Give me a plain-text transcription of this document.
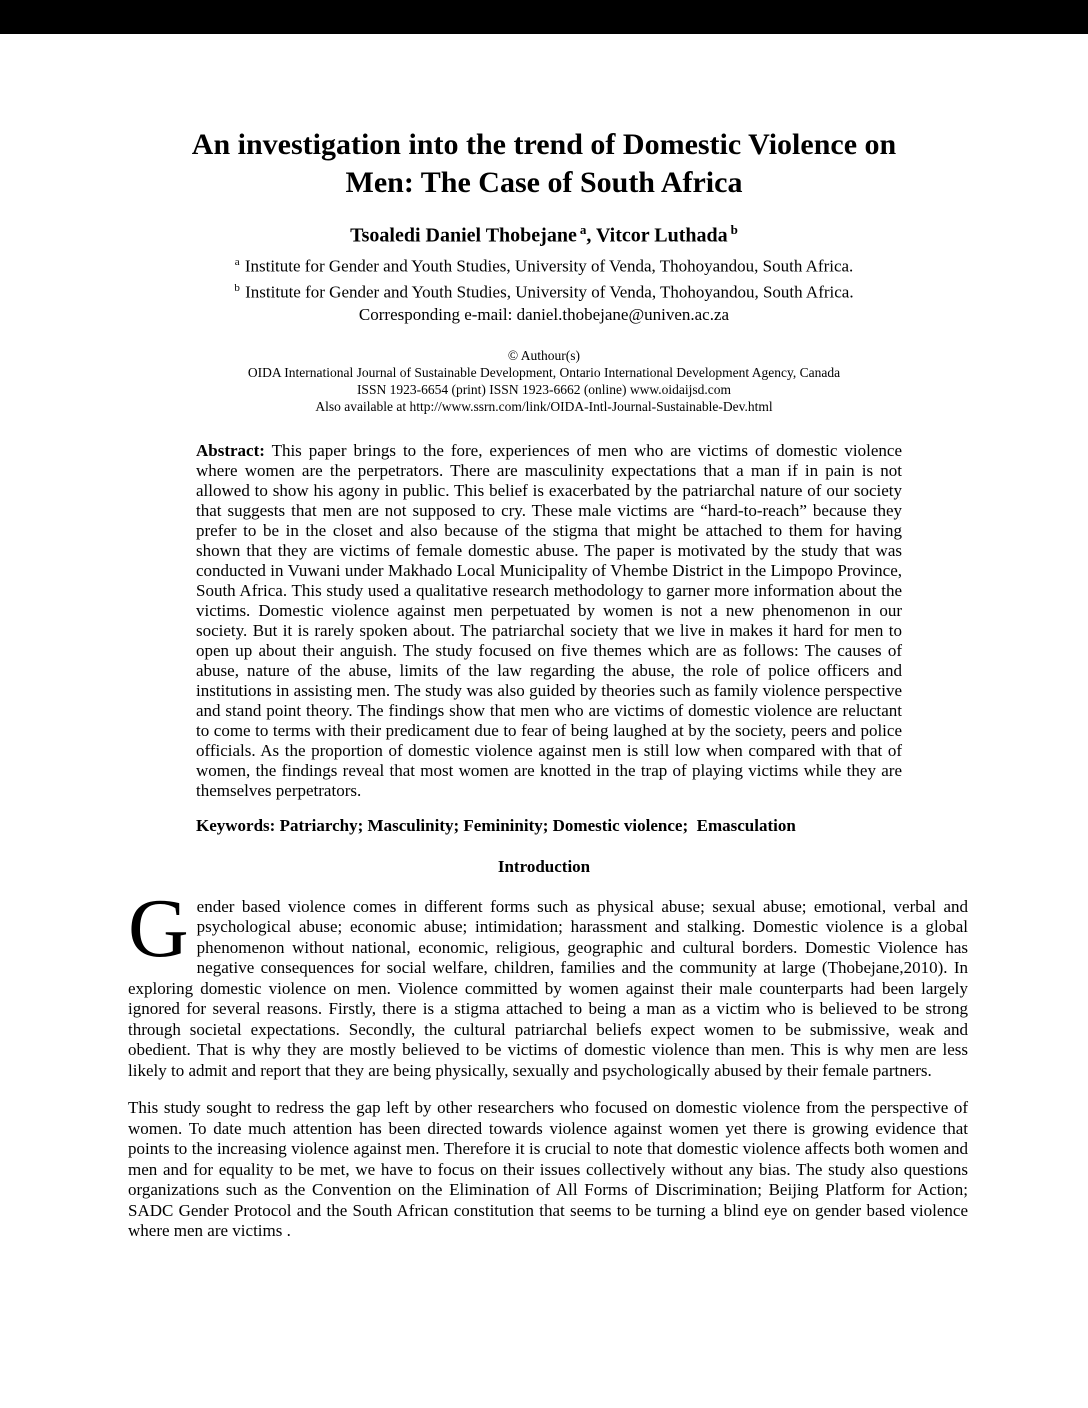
An investigation into the trend of Domestic Violence on
Men: The Case of South Africa

Tsoaledi Daniel Thobejane $^a$, Vitcor Luthada $^b$

$^a$ Institute for Gender and Youth Studies, University of Venda, Thohoyandou, South Africa.

$^b$ Institute for Gender and Youth Studies, University of Venda, Thohoyandou, South Africa.

Corresponding e-mail: daniel.thobejane@univen.ac.za

© Authour(s)

OIDA International Journal of Sustainable Development, Ontario International Development Agency, Canada

ISSN 1923-6654 (print) ISSN 1923-6662 (online) www.oidaijsd.com

Also available at http://www.ssrn.com/link/OIDA-Intl-Journal-Sustainable-Dev.html

Abstract: This paper brings to the fore, experiences of men who are victims of domestic violence where women are the perpetrators. There are masculinity expectations that a man if in pain is not allowed to show his agony in public. This belief is exacerbated by the patriarchal nature of our society that suggests that men are not supposed to cry. These male victims are “hard-to-reach” because they prefer to be in the closet and also because of the stigma that might be attached to them for having shown that they are victims of female domestic abuse. The paper is motivated by the study that was conducted in Vuwani under Makhado Local Municipality of Vhembe District in the Limpopo Province, South Africa. This study used a qualitative research methodology to garner more information about the victims. Domestic violence against men perpetuated by women is not a new phenomenon in our society. But it is rarely spoken about. The patriarchal society that we live in makes it hard for men to open up about their anguish. The study focused on five themes which are as follows: The causes of abuse, nature of the abuse, limits of the law regarding the abuse, the role of police officers and institutions in assisting men. The study was also guided by theories such as family violence perspective and stand point theory. The findings show that men who are victims of domestic violence are reluctant to come to terms with their predicament due to fear of being laughed at by the society, peers and police officials. As the proportion of domestic violence against men is still low when compared with that of women, the findings reveal that most women are knotted in the trap of playing victims while they are themselves perpetrators.

Keywords: Patriarchy; Masculinity; Femininity; Domestic violence;  Emasculation

Introduction

Gender based violence comes in different forms such as physical abuse; sexual abuse; emotional, verbal and psychological abuse; economic abuse; intimidation; harassment and stalking. Domestic violence is a global phenomenon without national, economic, religious, geographic and cultural borders. Domestic Violence has negative consequences for social welfare, children, families and the community at large (Thobejane,2010). In exploring domestic violence on men. Violence committed by women against their male counterparts had been largely ignored for several reasons. Firstly, there is a stigma attached to being a man as a victim who is believed to be strong through societal expectations. Secondly, the cultural patriarchal beliefs expect women to be submissive, weak and obedient. That is why they are mostly believed to be victims of domestic violence than men. This is why men are less likely to admit and report that they are being physically, sexually and psychologically abused by their female partners.

This study sought to redress the gap left by other researchers who focused on domestic violence from the perspective of women. To date much attention has been directed towards violence against women yet there is growing evidence that points to the increasing violence against men. Therefore it is crucial to note that domestic violence affects both women and men and for equality to be met, we have to focus on their issues collectively without any bias. The study also questions organizations such as the Convention on the Elimination of All Forms of Discrimination; Beijing Platform for Action; SADC Gender Protocol and the South African constitution that seems to be turning a blind eye on gender based violence where men are victims .
